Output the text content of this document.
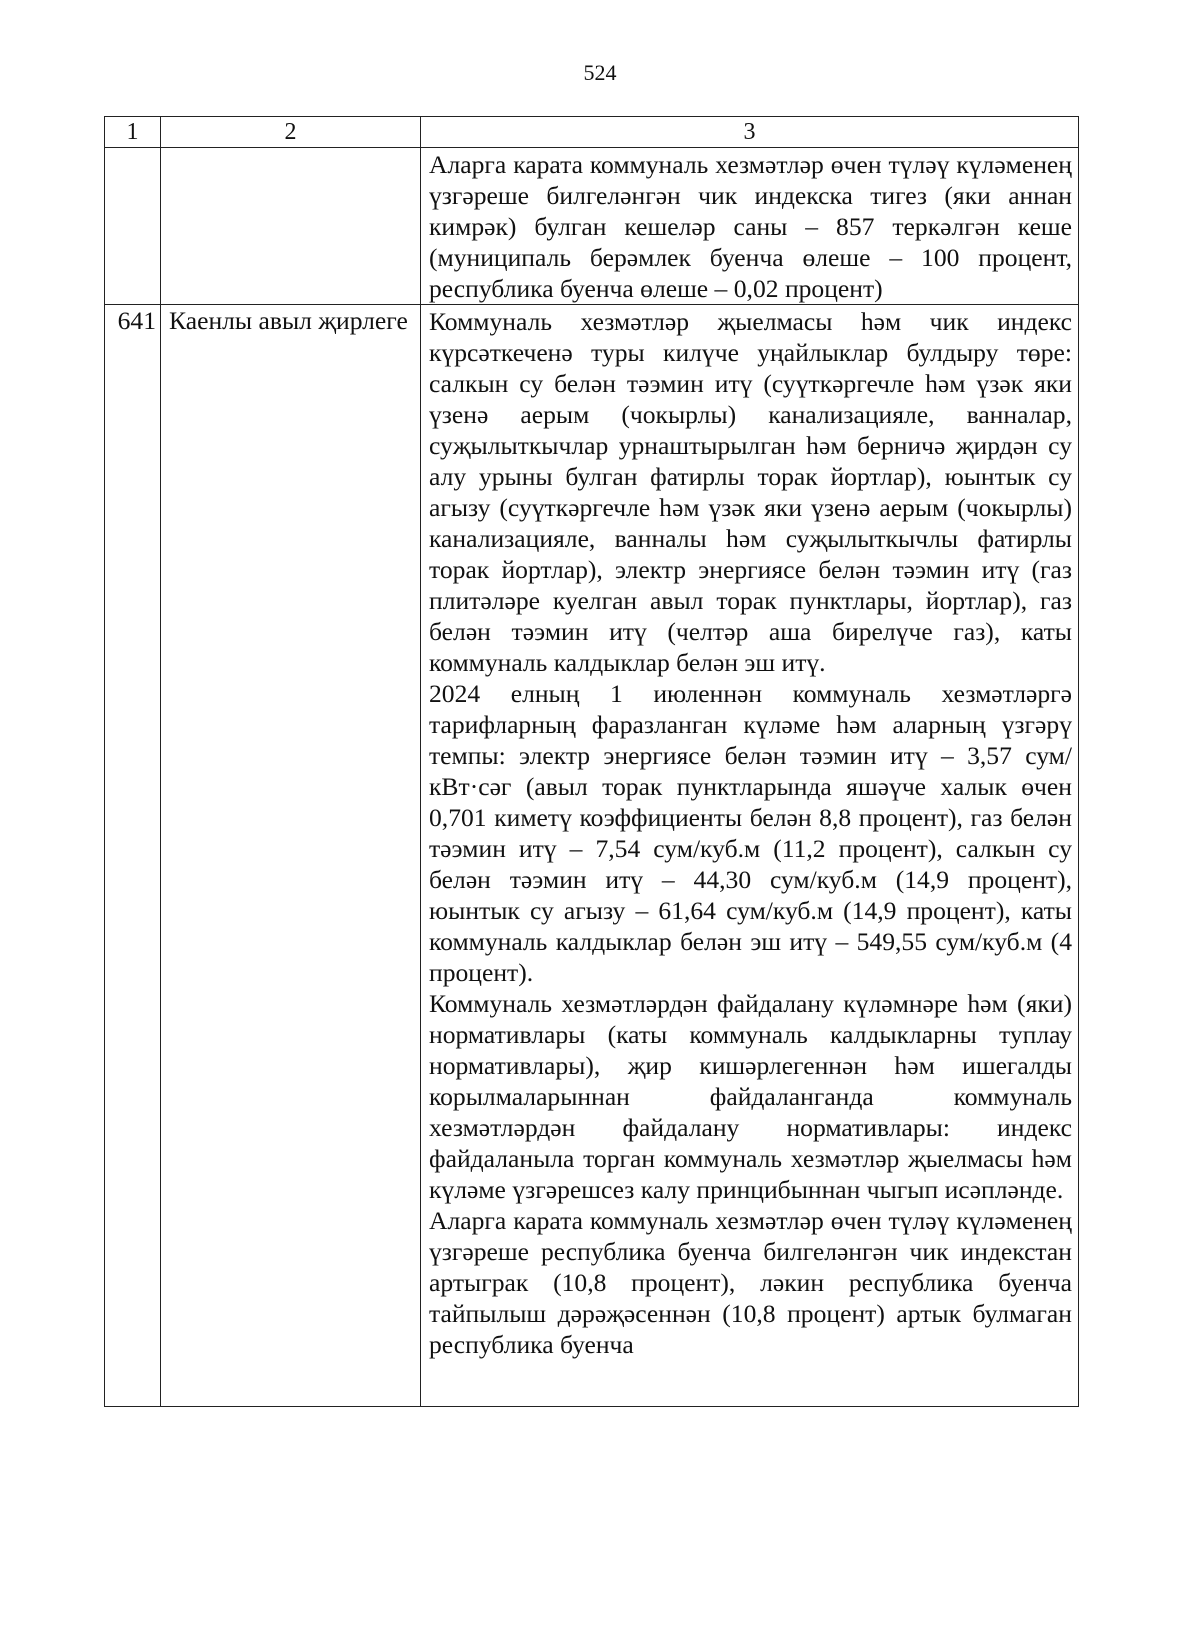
524
1	2	3

		Аларга карата коммуналь хезмәтләр өчен түләү күләменең үзгәреше билгеләнгән чик индекска тигез (яки аннан кимрәк) булган кешеләр саны – 857 теркәлгән кеше (муниципаль берәмлек буенча өлеше – 100 процент, республика буенча өлеше – 0,02 процент)

641	Каенлы авыл җирлеге	Коммуналь хезмәтләр җыелмасы һәм чик индекс күрсәткеченә туры килүче уңайлыклар булдыру төре: салкын су белән тәэмин итү (суүткәргечле һәм үзәк яки үзенә аерым (чокырлы) канализацияле, ванналар, суҗылыткычлар урнаштырылган һәм берничә җирдән су алу урыны булган фатирлы торак йортлар), юынтык су агызу (суүткәргечле һәм үзәк яки үзенә аерым (чокырлы) канализацияле, ванналы һәм суҗылыткычлы фатирлы торак йортлар), электр энергиясе белән тәэмин итү (газ плитәләре куелган авыл торак пунктлары, йортлар), газ белән тәэмин итү (челтәр аша бирелүче газ), каты коммуналь калдыклар белән эш итү.

2024 елның 1 июленнән коммуналь хезмәтләргә тарифларның фаразланган күләме һәм аларның үзгәрү темпы: электр энергиясе белән тәэмин итү – 3,57 сум/кВт·сәг (авыл торак пунктларында яшәүче халык өчен 0,701 киметү коэффициенты белән 8,8 процент), газ белән тәэмин итү – 7,54 сум/куб.м (11,2 процент), салкын су белән тәэмин итү – 44,30 сум/куб.м (14,9 процент), юынтык су агызу – 61,64 сум/куб.м (14,9 процент), каты коммуналь калдыклар белән эш итү – 549,55 сум/куб.м (4 процент).

Коммуналь хезмәтләрдән файдалану күләмнәре һәм (яки) нормативлары (каты коммуналь калдыкларны туплау нормативлары), җир кишәрлегеннән һәм ишегалды корылмаларыннан файдаланганда коммуналь хезмәтләрдән файдалану нормативлары: индекс файдаланыла торган коммуналь хезмәтләр җыелмасы һәм күләме үзгәрешсез калу принцибыннан чыгып исәпләнде.

Аларга карата коммуналь хезмәтләр өчен түләү күләменең үзгәреше республика буенча билгеләнгән чик индекстан артыграк (10,8 процент), ләкин республика буенча тайпылыш дәрәҗәсеннән (10,8 процент) артык булмаган республика буенча
